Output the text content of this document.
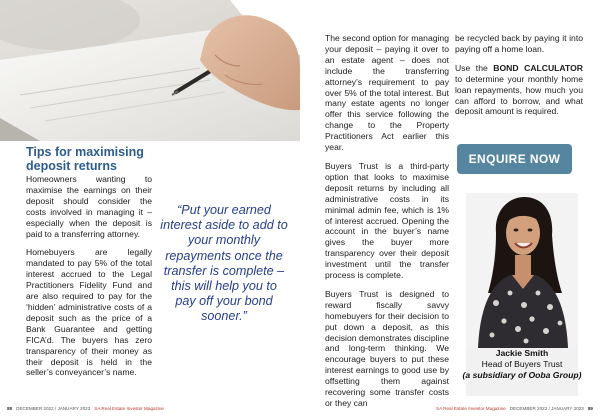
Tips for maximising
deposit returns

Homeowners wanting to maximise the earnings on their deposit should consider the costs involved in managing it – especially when the deposit is paid to a transferring attorney.

Homebuyers are legally mandated to pay 5% of the total interest accrued to the Legal Practitioners Fidelity Fund and are also required to pay for the ‘hidden’ administrative costs of a deposit such as the price of a Bank Guarantee and getting FICA’d. The buyers has zero transparency of their money as their deposit is held in the seller’s conveyancer’s name.

“Put your earned interest aside to add to your monthly repayments once the transfer is complete – this will help you to pay off your bond sooner.”

The second option for managing your deposit – paying it over to an estate agent – does not include the transferring attorney’s requirement to pay over 5% of the total interest. But many estate agents no longer offer this service following the change to the Property Practitioners Act earlier this year.

Buyers Trust is a third-party option that looks to maximise deposit returns by including all administrative costs in its minimal admin fee, which is 1% of interest accrued. Opening the account in the buyer’s name gives the buyer more transparency over their deposit investment until the transfer process is complete.

Buyers Trust is designed to reward fiscally savvy homebuyers for their decision to put down a deposit, as this decision demonstrates discipline and long-term thinking. We encourage buyers to put these interest earnings to good use by offsetting them against recovering some transfer costs or they can

be recycled back by paying it into paying off a home loan.

Use the BOND CALCULATOR to determine your monthly home loan repayments, how much you can afford to borrow, and what deposit amount is required.

ENQUIRE NOW
Jackie Smith
Head of Buyers Trust
(a subsidiary of Ooba Group)
88 DECEMBER 2022 / JANUARY 2023 SA Real Estate Investor Magazine	SA Real Estate Investor Magazine DECEMBER 2022 / JANUARY 2023 89
